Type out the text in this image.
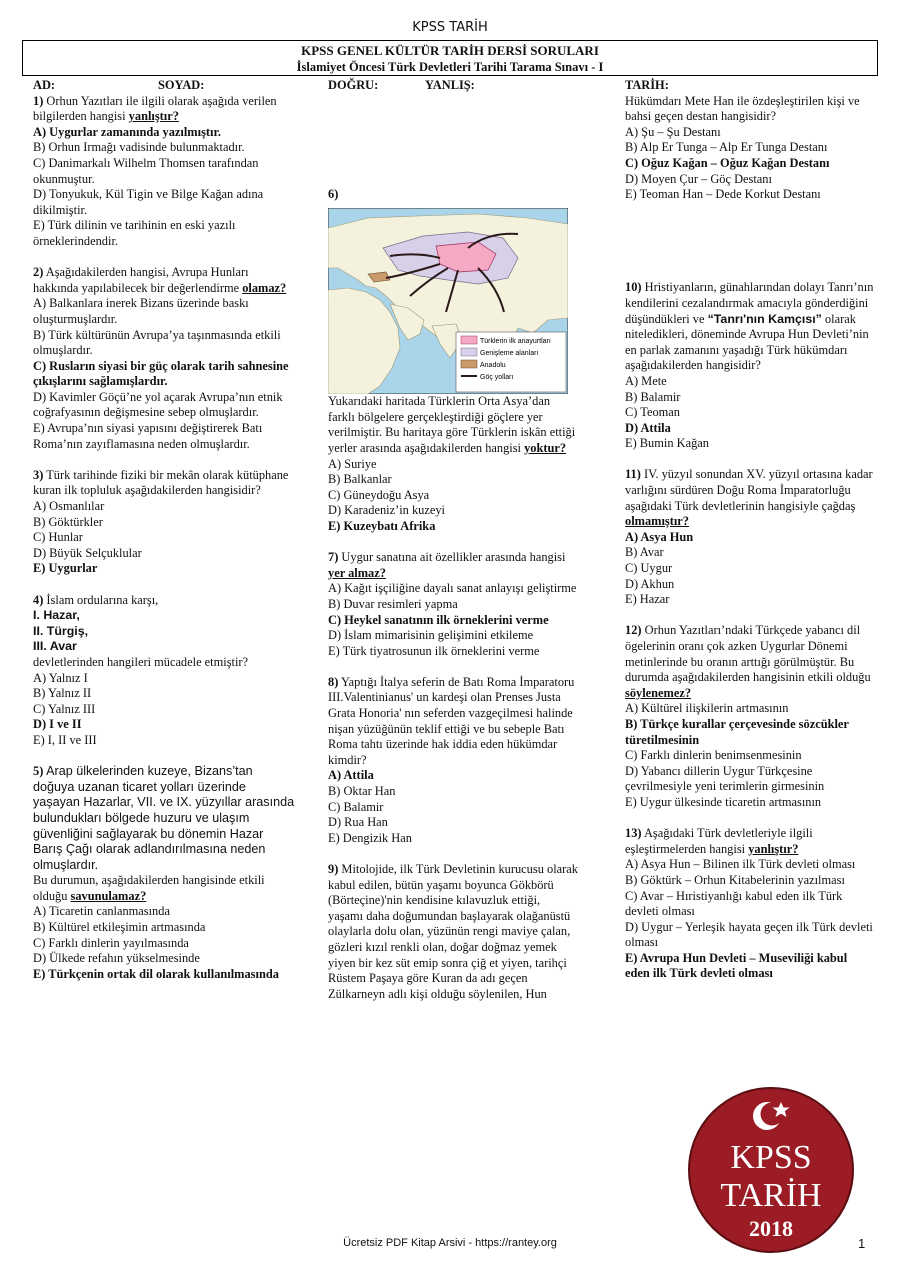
KPSS TARİH
KPSS GENEL KÜLTÜR TARİH DERSİ SORULARI
İslamiyet Öncesi Türk Devletleri Tarihi Tarama Sınavı - I
AD:	SOYAD:

1) Orhun Yazıtları ile ilgili olarak aşağıda verilen bilgilerden hangisi yanlıştır?

A) Uygurlar zamanında yazılmıştır.

B) Orhun Irmağı vadisinde bulunmaktadır.

C) Danimarkalı Wilhelm Thomsen tarafından okunmuştur.

D) Tonyukuk, Kül Tigin ve Bilge Kağan adına dikilmiştir.

E) Türk dilinin ve tarihinin en eski yazılı örneklerindendir.

2) Aşağıdakilerden hangisi, Avrupa Hunları hakkında yapılabilecek bir değerlendirme olamaz?

A) Balkanlara inerek Bizans üzerinde baskı oluşturmuşlardır.

B) Türk kültürünün Avrupa’ya taşınmasında etkili olmuşlardır.

C) Rusların siyasi bir güç olarak tarih sahnesine çıkışlarını sağlamışlardır.

D) Kavimler Göçü’ne yol açarak Avrupa’nın etnik coğrafyasının değişmesine sebep olmuşlardır.

E) Avrupa’nın siyasi yapısını değiştirerek Batı Roma’nın zayıflamasına neden olmuşlardır.

3) Türk tarihinde fiziki bir mekân olarak kütüphane kuran ilk topluluk aşağıdakilerden hangisidir?

A) Osmanlılar

B) Göktürkler

C) Hunlar

D) Büyük Selçuklular

E) Uygurlar

4) İslam ordularına karşı,

I. Hazar,

II. Türgiş,

III. Avar

devletlerinden hangileri mücadele etmiştir?

A) Yalnız I

B) Yalnız II

C) Yalnız III

D) I ve II

E) I, II ve III

5) Arap ülkelerinden kuzeye, Bizans’tan doğuya uzanan ticaret yolları üzerinde yaşayan Hazarlar, VII. ve IX. yüzyıllar arasında bulundukları bölgede huzuru ve ulaşım güvenliğini sağlayarak bu dönemin Hazar Barış Çağı olarak adlandırılmasına neden olmuşlardır.

Bu durumun, aşağıdakilerden hangisinde etkili olduğu savunulamaz?

A) Ticaretin canlanmasında

B) Kültürel etkileşimin artmasında

C) Farklı dinlerin yayılmasında

D) Ülkede refahın yükselmesinde

E) Türkçenin ortak dil olarak kullanılmasında

DOĞRU:	YANLIŞ:

6)

Türklerin ilk anayurtları
Genişleme alanları
Anadolu
Göç yolları

Yukarıdaki haritada Türklerin Orta Asya’dan farklı bölgelere gerçekleştirdiği göçlere yer verilmiştir. Bu haritaya göre Türklerin iskân ettiği yerler arasında aşağıdakilerden hangisi yoktur?

A) Suriye

B) Balkanlar

C) Güneydoğu Asya

D) Karadeniz’in kuzeyi

E) Kuzeybatı Afrika

7) Uygur sanatına ait özellikler arasında hangisi yer almaz?

A) Kağıt işçiliğine dayalı sanat anlayışı geliştirme

B) Duvar resimleri yapma

C) Heykel sanatının ilk örneklerini verme

D) İslam mimarisinin gelişimini etkileme

E) Türk tiyatrosunun ilk örneklerini verme

8) Yaptığı İtalya seferin de Batı Roma İmparatoru III.Valentinianus' un kardeşi olan Prenses Justa Grata Honoria' nın seferden vazgeçilmesi halinde nişan yüzüğünün teklif ettiği ve bu sebeple Batı Roma tahtı üzerinde hak iddia eden hükümdar kimdir?

A) Attila

B) Oktar Han

C) Balamir

D) Rua Han

E) Dengizik Han

9) Mitolojide, ilk Türk Devletinin kurucusu olarak kabul edilen, bütün yaşamı boyunca Gökbörü (Börteçine)'nin kendisine kılavuzluk ettiği, yaşamı daha doğumundan başlayarak olağanüstü olaylarla dolu olan, yüzünün rengi maviye çalan, gözleri kızıl renkli olan, doğar doğmaz yemek yiyen bir kez süt emip sonra çiğ et yiyen, tarihçi Rüstem Paşaya göre Kuran da adı geçen Zülkarneyn adlı kişi olduğu söylenilen, Hun

TARİH:

Hükümdarı Mete Han ile özdeşleştirilen kişi ve bahsi geçen destan hangisidir?

A) Şu – Şu Destanı

B) Alp Er Tunga – Alp Er Tunga Destanı

C) Oğuz Kağan – Oğuz Kağan Destanı

D) Moyen Çur – Göç Destanı

E) Teoman Han – Dede Korkut Destanı

10) Hristiyanların, günahlarından dolayı Tanrı’nın kendilerini cezalandırmak amacıyla gönderdiğini düşündükleri ve “Tanrı'nın Kamçısı” olarak niteledikleri, döneminde Avrupa Hun Devleti’nin en parlak zamanını yaşadığı Türk hükümdarı aşağıdakilerden hangisidir?

A) Mete

B) Balamir

C) Teoman

D) Attila

E) Bumin Kağan

11) IV. yüzyıl sonundan XV. yüzyıl ortasına kadar varlığını sürdüren Doğu Roma İmparatorluğu aşağıdaki Türk devletlerinin hangisiyle çağdaş olmamıştır?

A) Asya Hun

B) Avar

C) Uygur

D) Akhun

E) Hazar

12) Orhun Yazıtları’ndaki Türkçede yabancı dil ögelerinin oranı çok azken Uygurlar Dönemi metinlerinde bu oranın arttığı görülmüştür. Bu durumda aşağıdakilerden hangisinin etkili olduğu söylenemez?

A) Kültürel ilişkilerin artmasının

B) Türkçe kurallar çerçevesinde sözcükler türetilmesinin

C) Farklı dinlerin benimsenmesinin

D) Yabancı dillerin Uygur Türkçesine çevrilmesiyle yeni terimlerin girmesinin

E) Uygur ülkesinde ticaretin artmasının

13) Aşağıdaki Türk devletleriyle ilgili eşleştirmelerden hangisi yanlıştır?

A) Asya Hun – Bilinen ilk Türk devleti olması

B) Göktürk – Orhun Kitabelerinin yazılması

C) Avar – Hıristiyanlığı kabul eden ilk Türk devleti olması

D) Uygur – Yerleşik hayata geçen ilk Türk devleti olması

E) Avrupa Hun Devleti – Museviliği kabul eden ilk Türk devleti olması

KPSS
TARİH
2018
Ücretsiz PDF Kitap Arsivi - https://rantey.org	1
